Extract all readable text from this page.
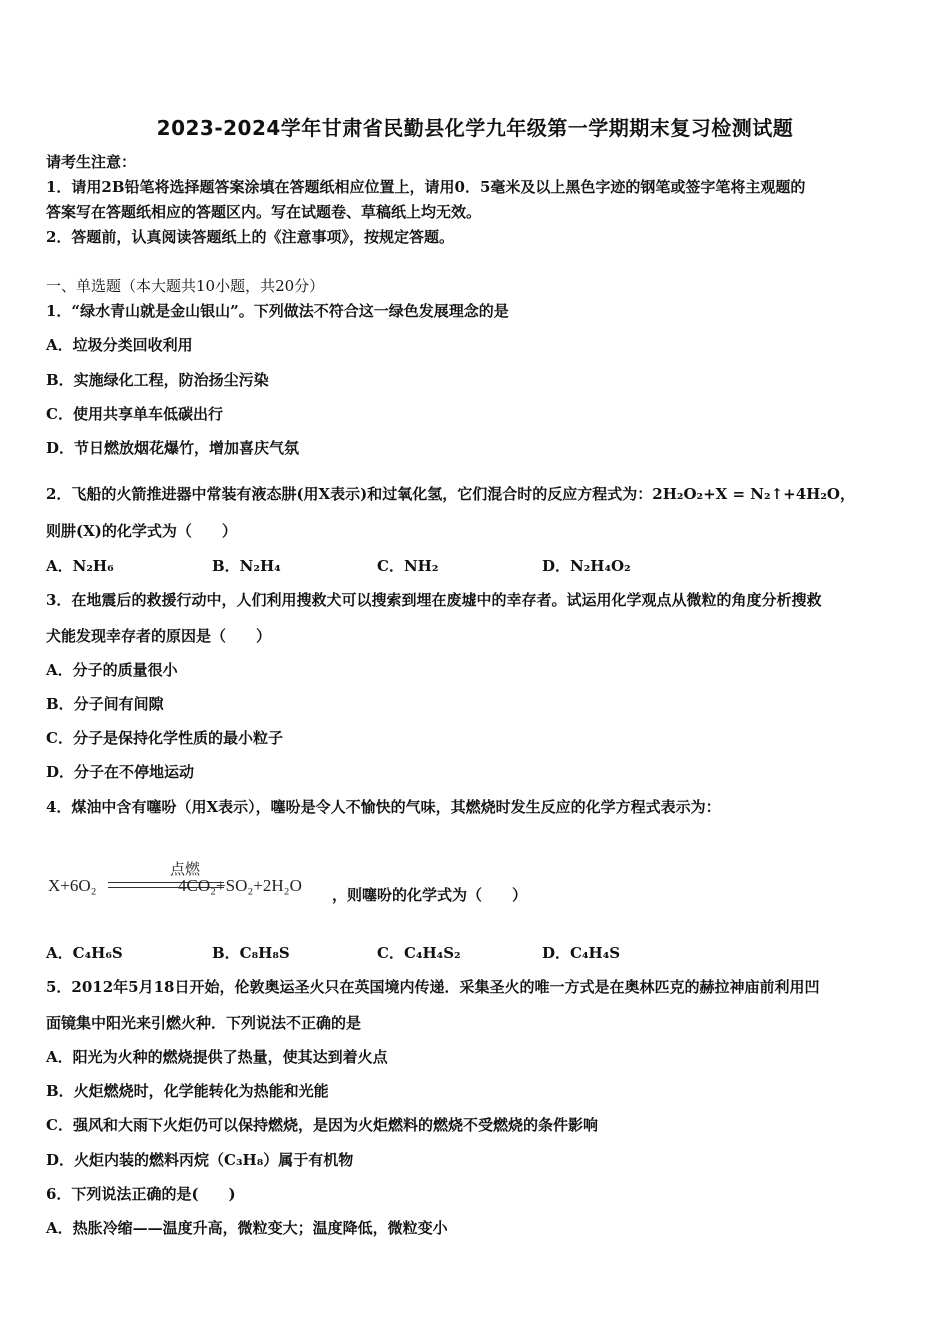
2023-2024学年甘肃省民勤县化学九年级第一学期期末复习检测试题
请考生注意：
1．请用2B铅笔将选择题答案涂填在答题纸相应位置上，请用0．5毫米及以上黑色字迹的钢笔或签字笔将主观题的
答案写在答题纸相应的答题区内。写在试题卷、草稿纸上均无效。
2．答题前，认真阅读答题纸上的《注意事项》，按规定答题。
一、单选题（本大题共10小题，共20分）
1．“绿水青山就是金山银山”。下列做法不符合这一绿色发展理念的是
A．垃圾分类回收利用
B．实施绿化工程，防治扬尘污染
C．使用共享单车低碳出行
D．节日燃放烟花爆竹，增加喜庆气氛
2．飞船的火箭推进器中常装有液态肼(用X表示)和过氧化氢，它们混合时的反应方程式为：2H₂O₂+X = N₂↑+4H₂O，
则肼(X)的化学式为（　　）
A．N₂H₆	B．N₂H₄	C．NH₂	D．N₂H₄O₂
3．在地震后的救援行动中，人们利用搜救犬可以搜索到埋在废墟中的幸存者。试运用化学观点从微粒的角度分析搜救
犬能发现幸存者的原因是（　　）
A．分子的质量很小
B．分子间有间隙
C．分子是保持化学性质的最小粒子
D．分子在不停地运动
4．煤油中含有噻吩（用X表示），噻吩是令人不愉快的气味，其燃烧时发生反应的化学方程式表示为：
点燃
X+6O₂	4CO₂+SO₂+2H₂O ，则噻吩的化学式为（　　）
A．C₄H₆S	B．C₈H₈S	C．C₄H₄S₂	D．C₄H₄S
5．2012年5月18日开始，伦敦奥运圣火只在英国境内传递．采集圣火的唯一方式是在奥林匹克的赫拉神庙前利用凹
面镜集中阳光来引燃火种．下列说法不正确的是
A．阳光为火种的燃烧提供了热量，使其达到着火点
B．火炬燃烧时，化学能转化为热能和光能
C．强风和大雨下火炬仍可以保持燃烧，是因为火炬燃料的燃烧不受燃烧的条件影响
D．火炬内装的燃料丙烷（C₃H₈）属于有机物
6．下列说法正确的是(　　)
A．热胀冷缩——温度升高，微粒变大；温度降低，微粒变小
